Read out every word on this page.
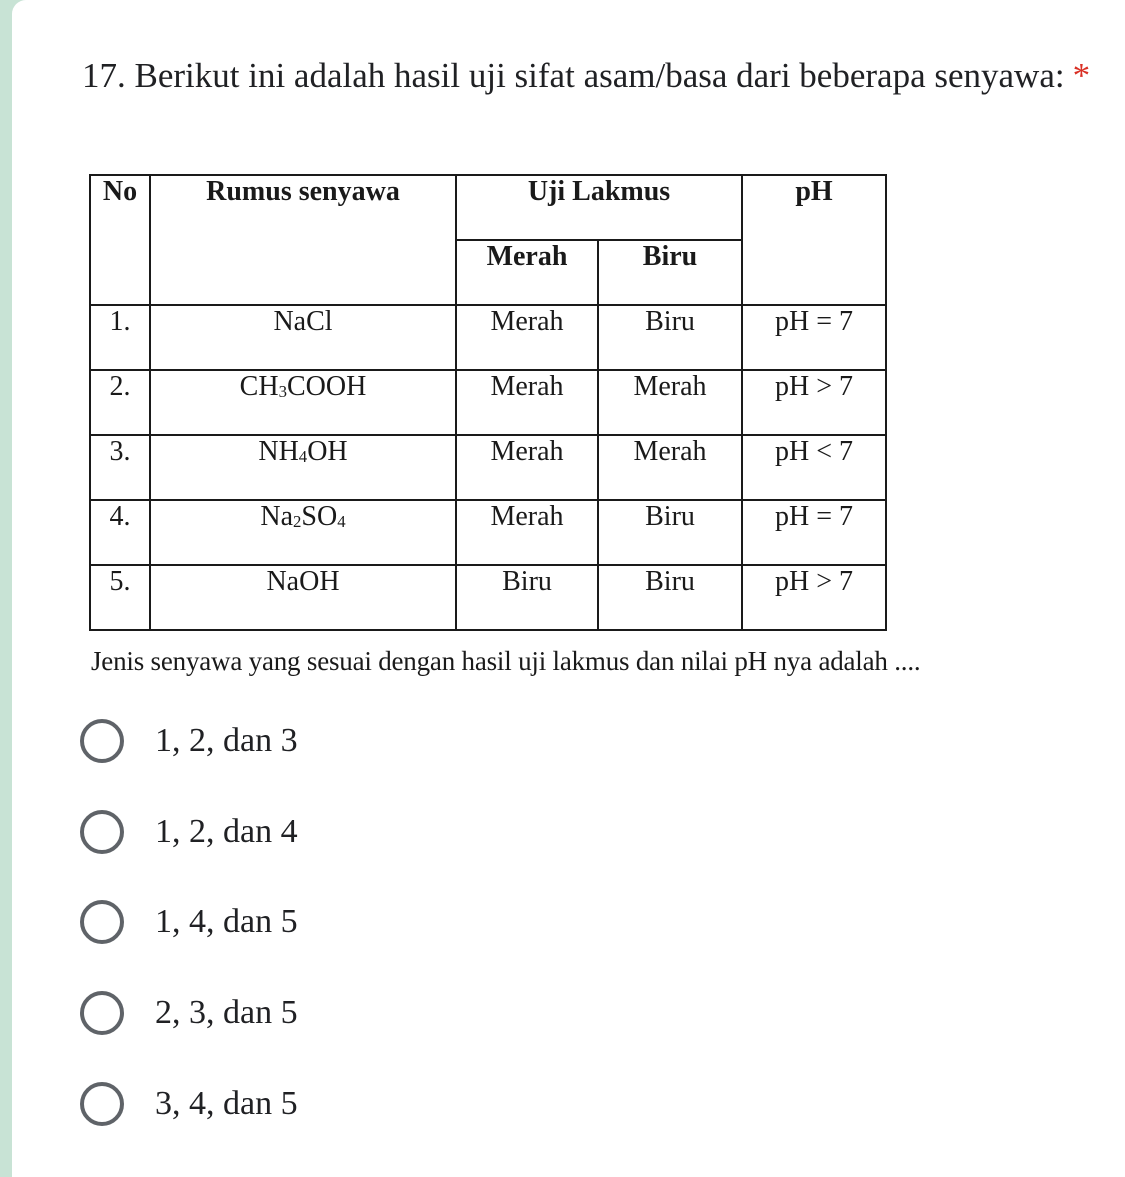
17. Berikut ini adalah hasil uji sifat asam/basa dari beberapa senyawa: *
No	Rumus senyawa	Uji Lakmus		pH
		Merah	Biru	
1.	NaCl	Merah	Biru	pH = 7
2.	$CH_3COOH$	Merah	Merah	pH > 7
3.	$NH_4OH$	Merah	Merah	pH < 7
4.	$Na_2SO_4$	Merah	Biru	pH = 7
5.	NaOH	Biru	Biru	pH > 7
Jenis senyawa yang sesuai dengan hasil uji lakmus dan nilai pH nya adalah ....
1, 2, dan 3
1, 2, dan 4
1, 4, dan 5
2, 3, dan 5
3, 4, dan 5
